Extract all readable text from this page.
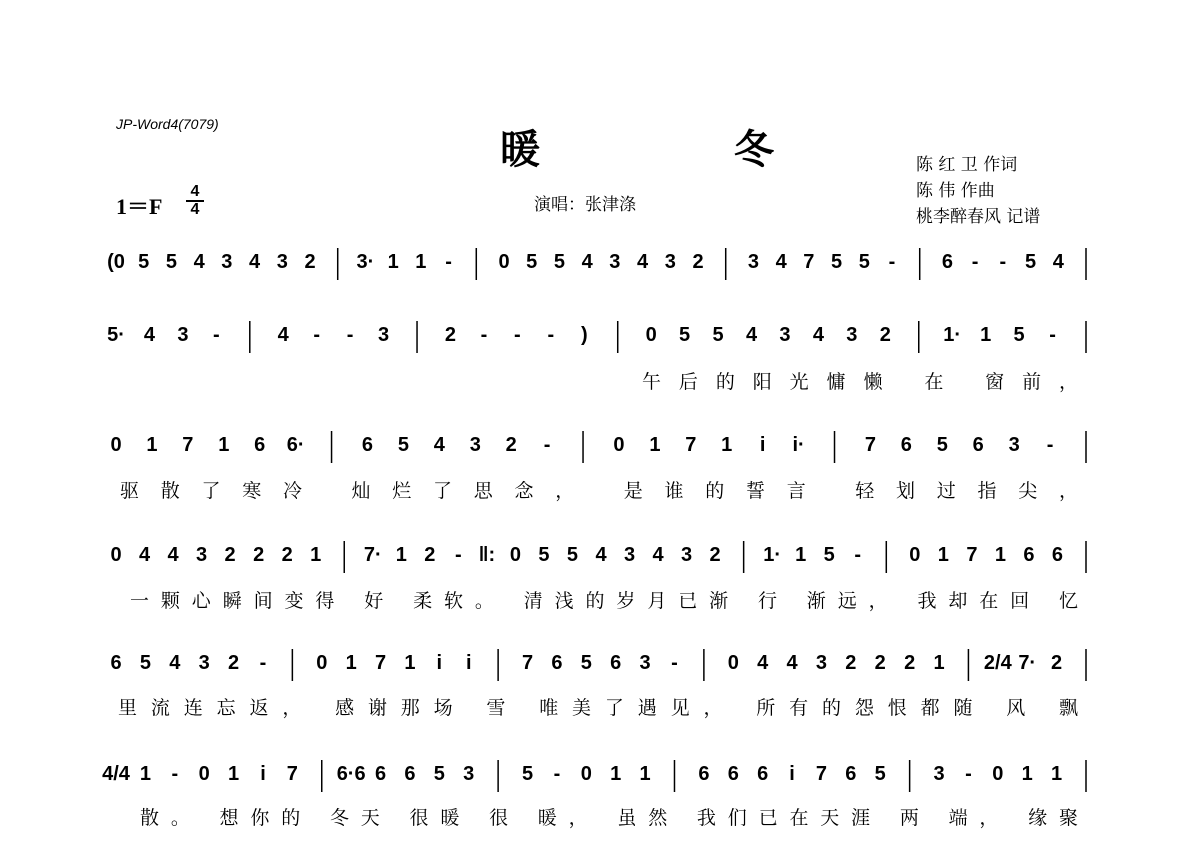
JP-Word4(7079)
暖 冬	陈 红 卫 作词
陈 伟 作曲
桃李醉春风 记谱
1＝F
4
4	演唱：张津涤
(0 5 5 4 3 4 3 2 3· 1 1 - 0 5 5 4 3 4 3 2 3 4 7 5 5 - 6 - - 5 4
5· 4 3 -	4 - - 3	2 - - - )	0 5 5 4 3 4 3 2	1· 1 5 -
午后的阳光慵懒 在 窗前，
0 1 7 1 6 6·	6 5 4 3 2 -	0 1 7 1 i i·	7 6 5 6 3 -
驱散了寒冷 灿烂了思念， 是谁的誓言 轻划过指尖，
0 4 4 3 2 2 2 1 7· 1 2 - ‖: 0 5 5 4 3 4 3 2 1· 1 5 - 0 1 7 1 6 6
一颗心瞬间变得 好 柔软。 清浅的岁月已渐 行 渐远， 我却在回 忆
6 5 4 3 2 - 0 1 7 1 i i	7 6 5 6 3 - 0 4 4 3 2 2 2 1 2/4 7· 2
里流连忘返， 感谢那场 雪 唯美了遇见， 所有的怨恨都随 风 飘
4/4 1 - 0 1 i 7 6·6 6 6 5 3 5 - 0 1 1 6 6 6 i 7 6 5 3 - 0 1 1
散。 想你的 冬天 很暖 很 暖， 虽然 我们已在天涯 两 端， 缘聚
